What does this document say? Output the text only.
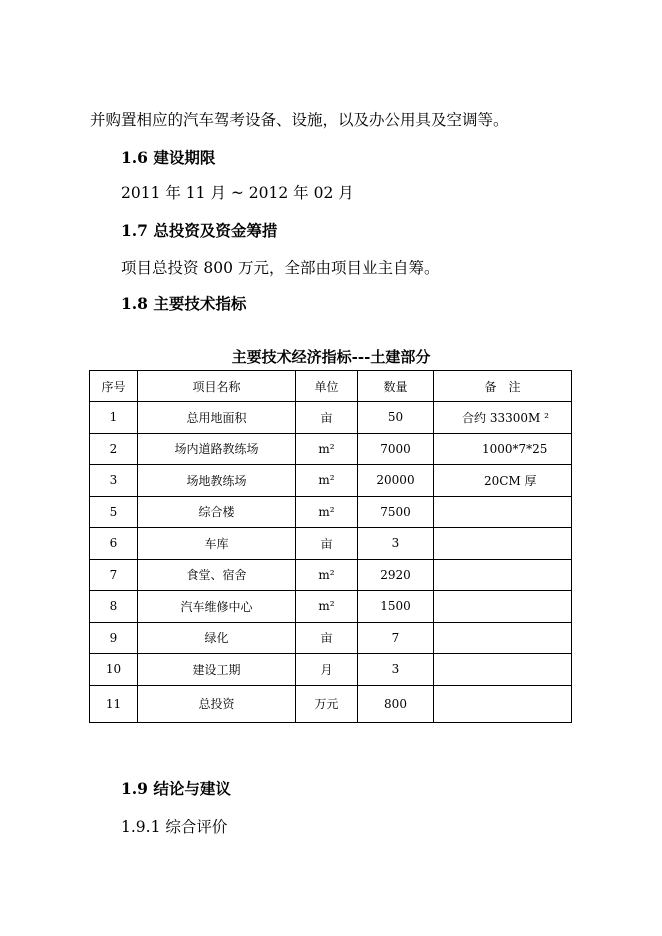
并购置相应的汽车驾考设备、设施，以及办公用具及空调等。
1.6 建设期限
2011 年 11 月 ~ 2012 年 02 月
1.7 总投资及资金筹措
项目总投资 800 万元，全部由项目业主自筹。
1.8 主要技术指标
主要技术经济指标---土建部分
序号	项目名称	单位	数量	备　注
1	总用地面积	亩	50	合约 33300M ²
2	场内道路教练场	m²	7000	1000*7*25
3	场地教练场	m²	20000	20CM 厚
5	综合楼	m²	7500	
6	车库	亩	3	
7	食堂、宿舍	m²	2920	
8	汽车维修中心	m²	1500	
9	绿化	亩	7	
10	建设工期	月	3	
11	总投资	万元	800	
1.9 结论与建议
1.9.1 综合评价
